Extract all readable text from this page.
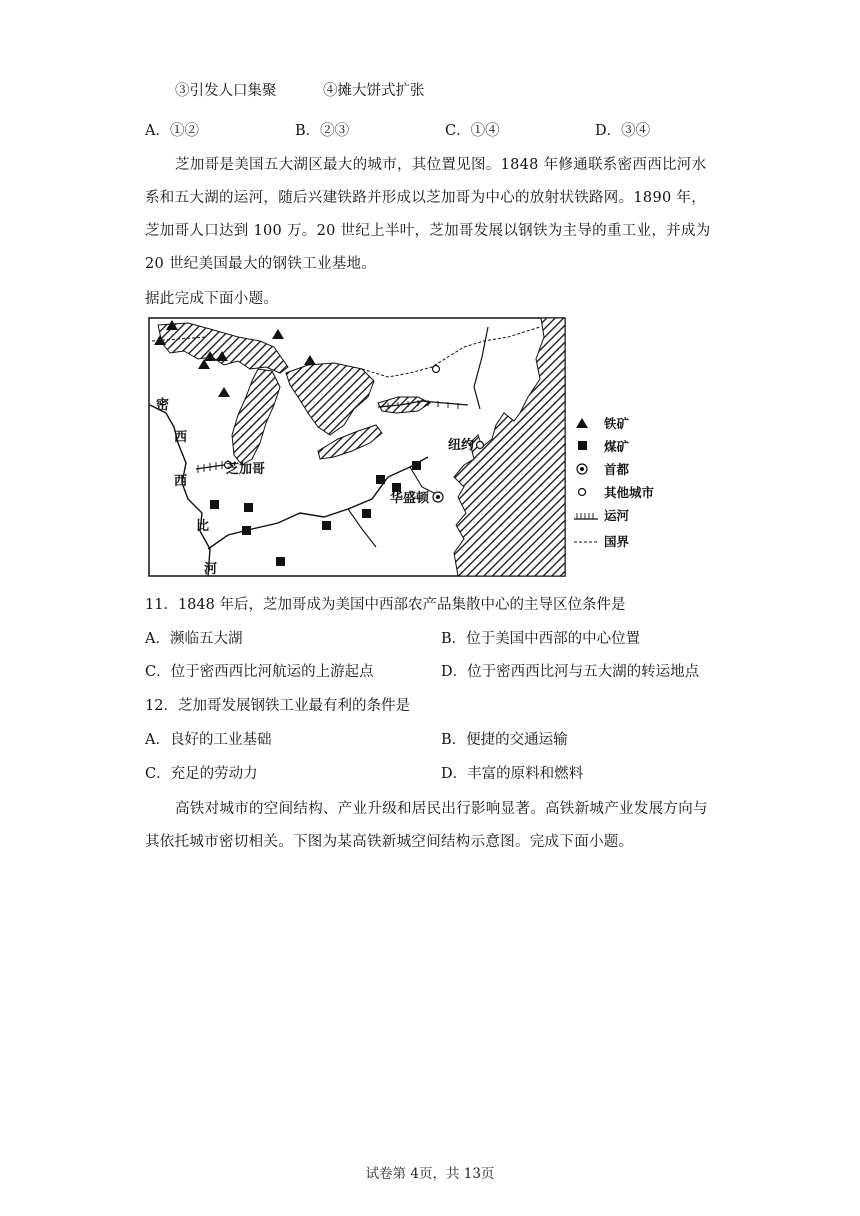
③引发人口集聚	④摊大饼式扩张
A．①②	B．②③	C．①④	D．③④
芝加哥是美国五大湖区最大的城市，其位置见图。1848 年修通联系密西西比河水
系和五大湖的运河，随后兴建铁路并形成以芝加哥为中心的放射状铁路网。1890 年，
芝加哥人口达到 100 万。20 世纪上半叶，芝加哥发展以钢铁为主导的重工业，并成为
20 世纪美国最大的钢铁工业基地。
据此完成下面小题。
密
西
西
比
河
芝加哥
纽约
华盛顿
铁矿
煤矿
首都
其他城市
运河
国界
11．1848 年后，芝加哥成为美国中西部农产品集散中心的主导区位条件是
A．濒临五大湖	B．位于美国中西部的中心位置
C．位于密西西比河航运的上游起点	D．位于密西西比河与五大湖的转运地点
12．芝加哥发展钢铁工业最有利的条件是
A．良好的工业基础	B．便捷的交通运输
C．充足的劳动力	D．丰富的原料和燃料
高铁对城市的空间结构、产业升级和居民出行影响显著。高铁新城产业发展方向与
其依托城市密切相关。下图为某高铁新城空间结构示意图。完成下面小题。
试卷第 4页，共 13页
